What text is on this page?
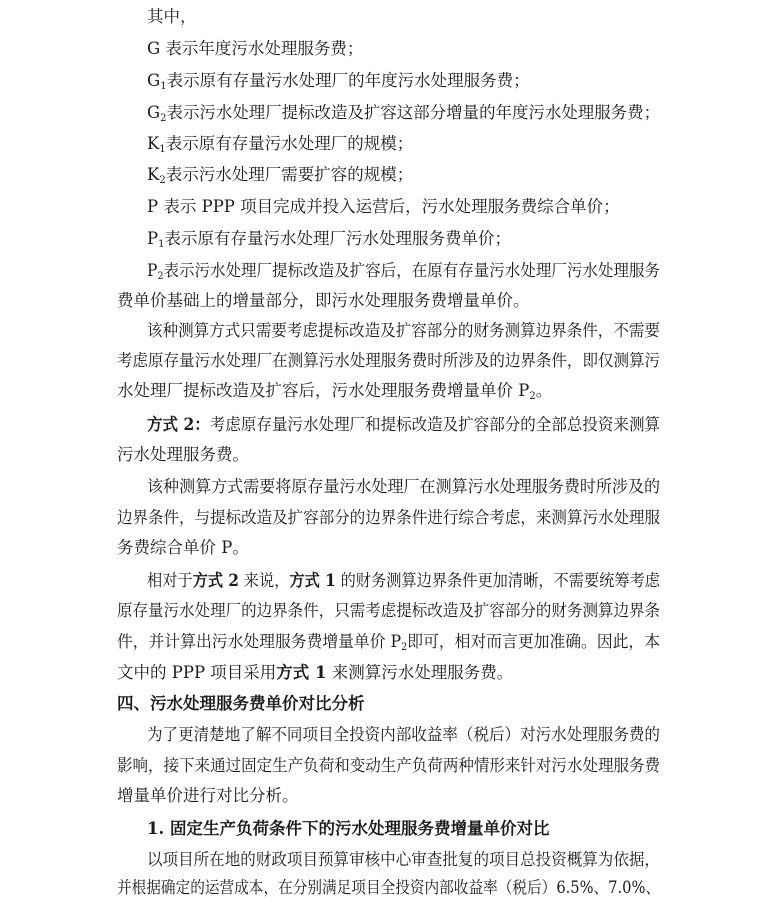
其中，
G 表示年度污水处理服务费；
$G_1$表示原有存量污水处理厂的年度污水处理服务费；
$G_2$表示污水处理厂提标改造及扩容这部分增量的年度污水处理服务费；
$K_1$表示原有存量污水处理厂的规模；
$K_2$表示污水处理厂需要扩容的规模；
P 表示 PPP 项目完成并投入运营后，污水处理服务费综合单价；
$P_1$表示原有存量污水处理厂污水处理服务费单价；
$P_2$表示污水处理厂提标改造及扩容后，在原有存量污水处理厂污水处理服务
费单价基础上的增量部分，即污水处理服务费增量单价。
该种测算方式只需要考虑提标改造及扩容部分的财务测算边界条件，不需要
考虑原存量污水处理厂在测算污水处理服务费时所涉及的边界条件，即仅测算污
水处理厂提标改造及扩容后，污水处理服务费增量单价 $P_2$。
方式 2：考虑原存量污水处理厂和提标改造及扩容部分的全部总投资来测算
污水处理服务费。
该种测算方式需要将原存量污水处理厂在测算污水处理服务费时所涉及的
边界条件，与提标改造及扩容部分的边界条件进行综合考虑，来测算污水处理服
务费综合单价 P。
相对于方式 2 来说，方式 1 的财务测算边界条件更加清晰，不需要统筹考虑
原存量污水处理厂的边界条件，只需考虑提标改造及扩容部分的财务测算边界条
件，并计算出污水处理服务费增量单价 $P_2$即可，相对而言更加准确。因此，本
文中的 PPP 项目采用方式 1 来测算污水处理服务费。
四、污水处理服务费单价对比分析
为了更清楚地了解不同项目全投资内部收益率（税后）对污水处理服务费的
影响，接下来通过固定生产负荷和变动生产负荷两种情形来针对污水处理服务费
增量单价进行对比分析。
1. 固定生产负荷条件下的污水处理服务费增量单价对比
以项目所在地的财政项目预算审核中心审查批复的项目总投资概算为依据，
并根据确定的运营成本，在分别满足项目全投资内部收益率（税后）6.5%、7.0%、
